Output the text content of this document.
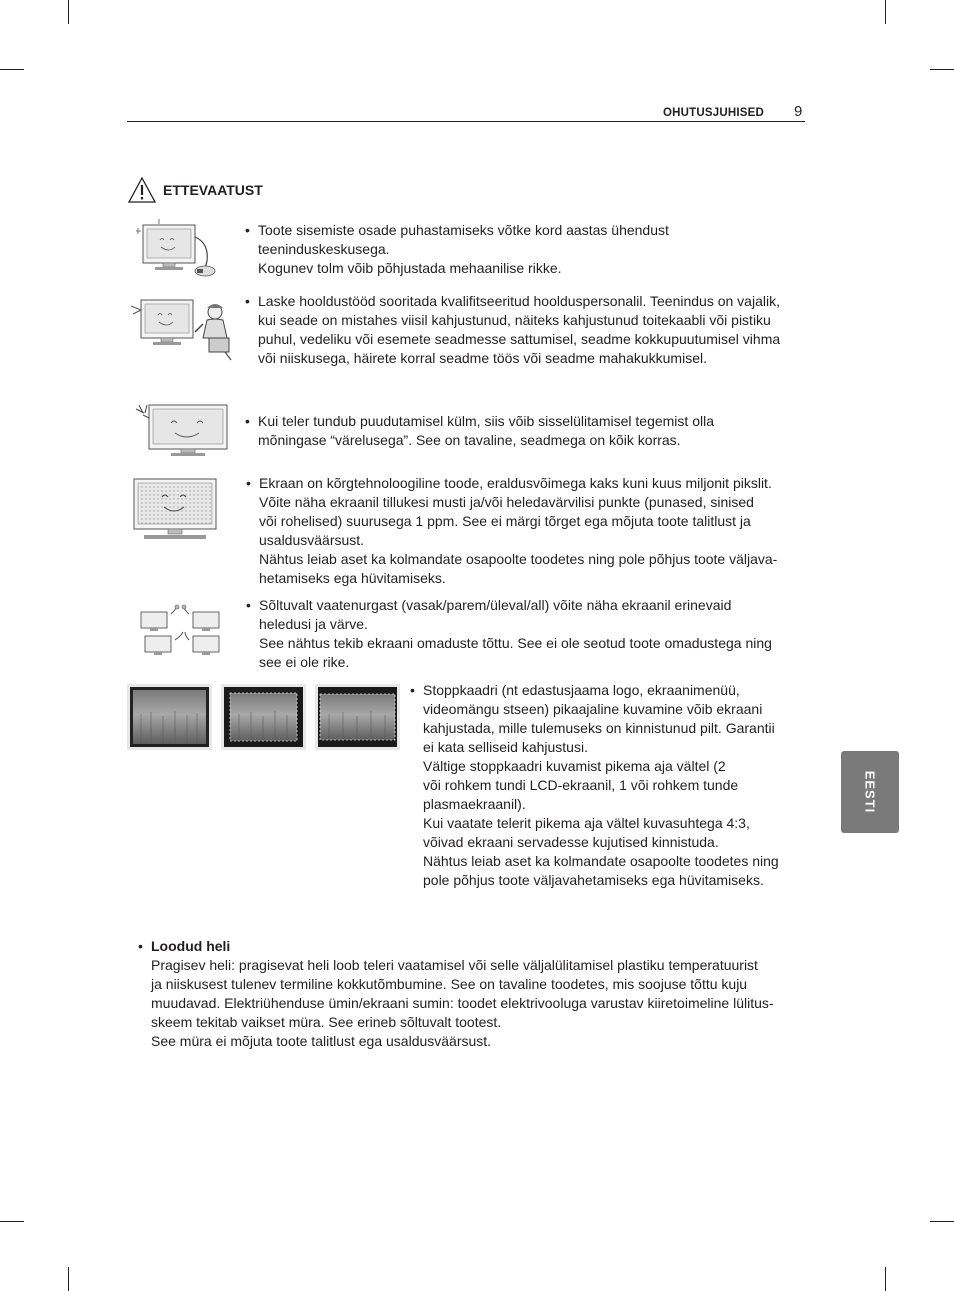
OHUTUSJUHISED 9
EESTI
ETTEVAATUST
• Toote sisemiste osade puhastamiseks võtke kord aastas ühendust

teeninduskeskusega.

Kogunev tolm võib põhjustada mehaanilise rikke.

• Laske hooldustööd sooritada kvalifitseeritud hoolduspersonalil. Teenindus on vajalik,

kui seade on mistahes viisil kahjustunud, näiteks kahjustunud toitekaabli või pistiku

puhul, vedeliku või esemete seadmesse sattumisel, seadme kokkupuutumisel vihma

või niiskusega, häirete korral seadme töös või seadme mahakukkumisel.

• Kui teler tundub puudutamisel külm, siis võib sisselülitamisel tegemist olla

mõningase “värelusega”. See on tavaline, seadmega on kõik korras.

• Ekraan on kõrgtehnoloogiline toode, eraldusvõimega kaks kuni kuus miljonit pikslit.

Võite näha ekraanil tillukesi musti ja/või heledavärvilisi punkte (punased, sinised

või rohelised) suurusega 1 ppm. See ei märgi tõrget ega mõjuta toote talitlust ja

usaldusväärsust.

Nähtus leiab aset ka kolmandate osapoolte toodetes ning pole põhjus toote väljava-

hetamiseks ega hüvitamiseks.

• Sõltuvalt vaatenurgast (vasak/parem/üleval/all) võite näha ekraanil erinevaid

heledusi ja värve.

See nähtus tekib ekraani omaduste tõttu. See ei ole seotud toote omadustega ning

see ei ole rike.

• Stoppkaadri (nt edastusjaama logo, ekraanimenüü,

videomängu stseen) pikaajaline kuvamine võib ekraani

kahjustada, mille tulemuseks on kinnistunud pilt. Garantii

ei kata selliseid kahjustusi.

Vältige stoppkaadri kuvamist pikema aja vältel (2

või rohkem tundi LCD-ekraanil, 1 või rohkem tunde

plasmaekraanil).

Kui vaatate telerit pikema aja vältel kuvasuhtega 4:3,

võivad ekraani servadesse kujutised kinnistuda.

Nähtus leiab aset ka kolmandate osapoolte toodetes ning

pole põhjus toote väljavahetamiseks ega hüvitamiseks.

• Loodud heli

Pragisev heli: pragisevat heli loob teleri vaatamisel või selle väljalülitamisel plastiku temperatuurist

ja niiskusest tulenev termiline kokkutõmbumine. See on tavaline toodetes, mis soojuse tõttu kuju

muudavad. Elektriühenduse ümin/ekraani sumin: toodet elektrivooluga varustav kiiretoimeline lülitus-

skeem tekitab vaikset müra. See erineb sõltuvalt tootest.

See müra ei mõjuta toote talitlust ega usaldusväärsust.
